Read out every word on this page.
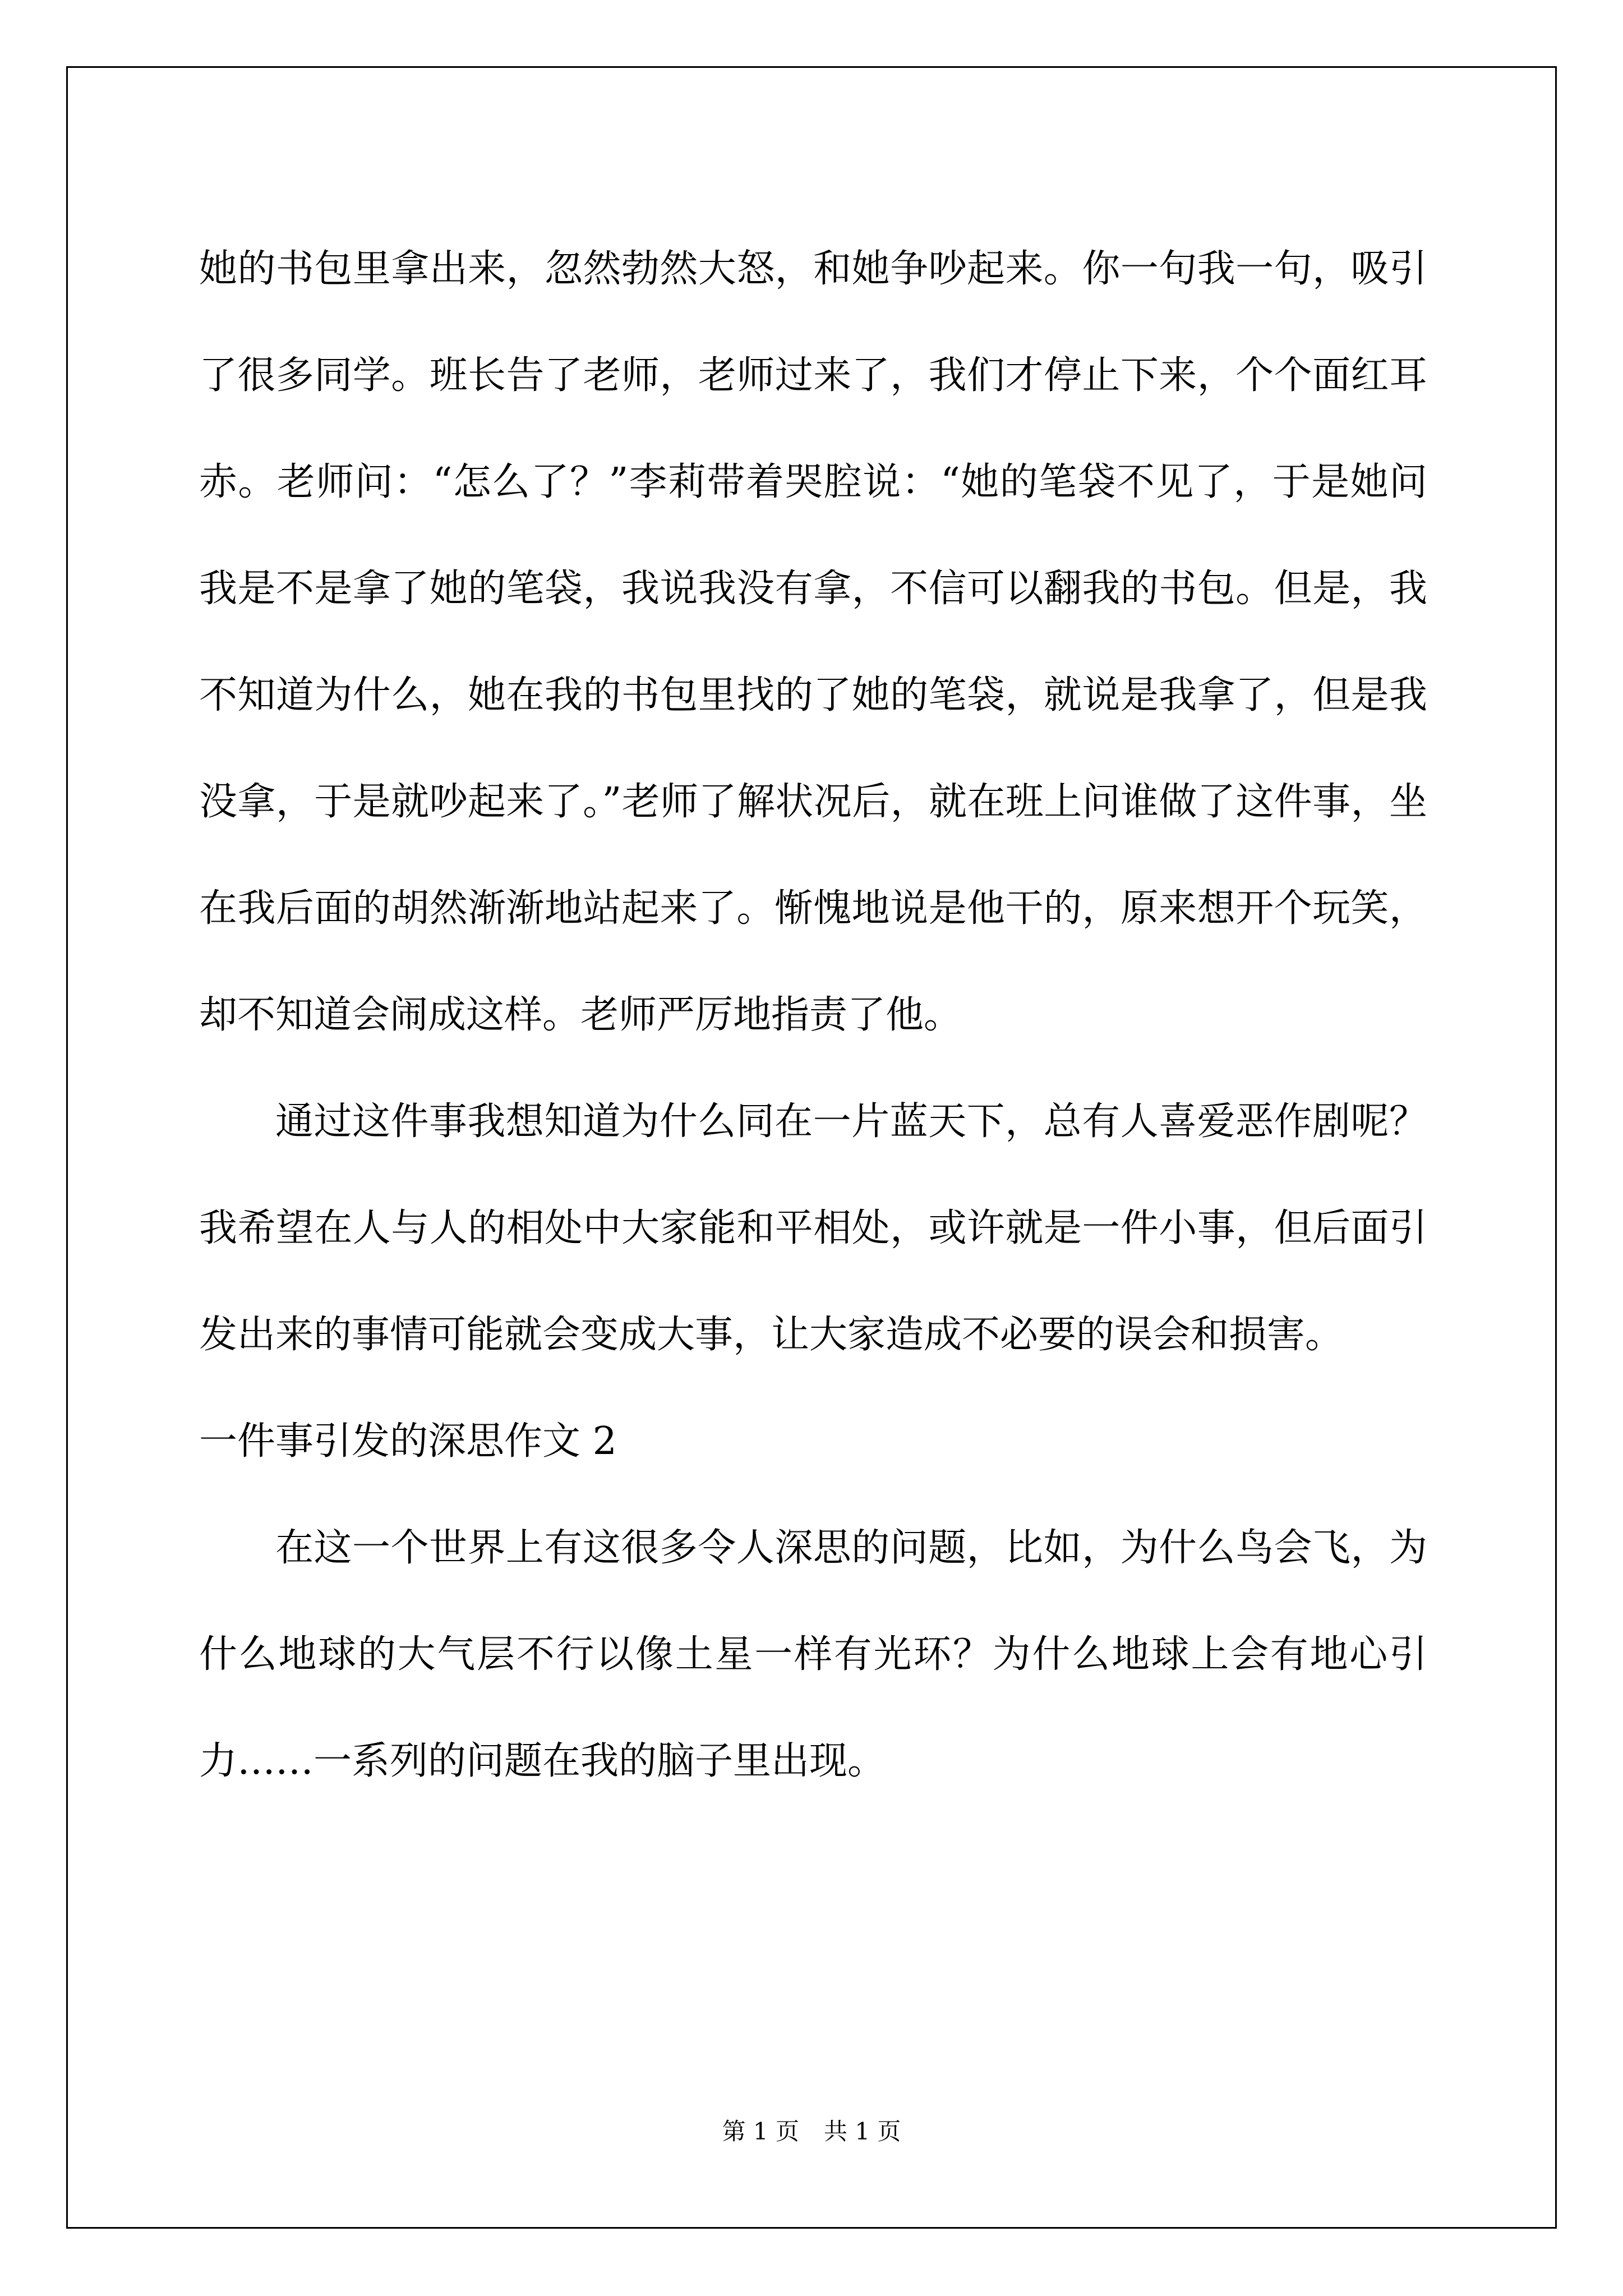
她的书包里拿出来，忽然勃然大怒，和她争吵起来。你一句我一句，吸引了很多同学。班长告了老师，老师过来了，我们才停止下来，个个面红耳赤。老师问：“怎么了？”李莉带着哭腔说：“她的笔袋不见了，于是她问我是不是拿了她的笔袋，我说我没有拿，不信可以翻我的书包。但是，我不知道为什么，她在我的书包里找的了她的笔袋，就说是我拿了，但是我没拿，于是就吵起来了。”老师了解状况后，就在班上问谁做了这件事，坐在我后面的胡然渐渐地站起来了。惭愧地说是他干的，原来想开个玩笑，却不知道会闹成这样。老师严厉地指责了他。

通过这件事我想知道为什么同在一片蓝天下，总有人喜爱恶作剧呢？我希望在人与人的相处中大家能和平相处，或许就是一件小事，但后面引发出来的事情可能就会变成大事，让大家造成不必要的误会和损害。

一件事引发的深思作文 2

在这一个世界上有这很多令人深思的问题，比如，为什么鸟会飞，为什么地球的大气层不行以像土星一样有光环？为什么地球上会有地心引力……一系列的问题在我的脑子里出现。

第 1 页 共 1 页
